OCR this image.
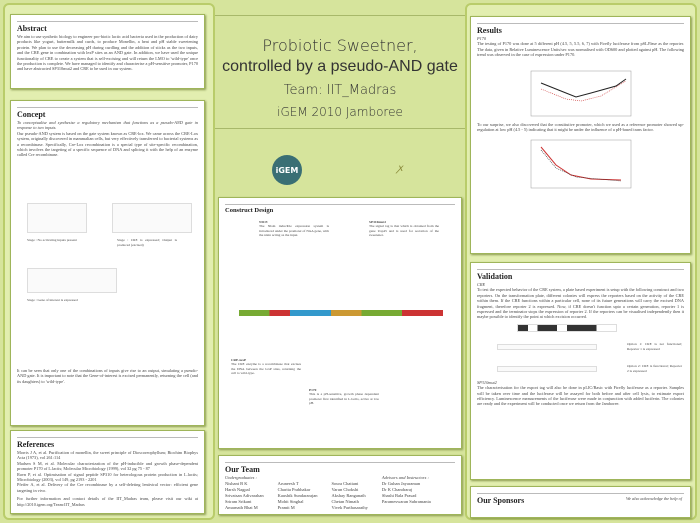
Probiotic Sweetner,
controlled by a pseudo-AND gate
Team: IIT_Madras
iGEM 2010 Jamboree
iGEM	ꭗ
Abstract

We aim to use synthetic biology to engineer pro-biotic lactic acid bacteria used in the production of dairy products like yogurt, buttermilk and curds, to produce Monellin, a heat and pH stable sweetening protein. We plan to use the decreasing pH during curdling and the addition of sticks as the two inputs, and the CRE gene in combination with lexP sites as an AND gate. In addition, we have used the unique functionality of CRE to create a system that is self-excising and will return the LMO to 'wild-type' once the production is complete. We have managed to identify and characterise a pH-sensitive promoter, P170 and have abstracted SP310mut2 and CRE to be used in our system.

Concept

To conceptualise and synthesise a regulatory mechanism that functions as a pseudo-AND gate in response to two inputs.

Our pseudo-AND system is based on the gate system known as CRE-lox. We came across the CRE-Lox system, originally discovered in mammalian cells, but very effectively transferred to bacterial systems as a recombinase. Specifically, Cre-Lox recombination is a special type of site-specific recombination, which involves the targeting of a specific sequence of DNA and splicing it with the help of an enzyme called Cre recombinase.

Stage : No activating inputs present	Stage : CRE is expressed; Output is produced (excised)

Stage : Gene of interest is expressed

It can be seen that only one of the combinations of inputs give rise to an output, simulating a pseudo-AND gate. It is important to note that the Gene-of-interest is excised permanently, returning the cell (and its daughters) to 'wild-type'.

References

Morris J A, et al. Purification of monellin, the sweet principle of Dioscoreophyllum; Biochim Biophys Acta (1973), vol 261:114

Madsen S M, et al. Molecular characterization of the pH-inducible and growth phase-dependent promoter P170 of L.lactis; Molecular Microbiology (1999), vol 32 pg 75 - 87

Ravn P, et al. Optimisation of signal peptide SP310 for heterologous protein production in L.lactis; Microbiology (2003), vol 149, pg 2193 - 2201

Pfeifer A, et al. Delivery of the Cre recombinase by a self-deleting lentiviral vector: efficient gene targeting in vivo.

For further information and contact details of the IIT_Madras team, please visit our wiki at http://2010.igem.org/Team:IIT_Madras

Construct Design

NICE
The Nisin inducible expression system is introduced under the promoter of NisA gene, with the nisin acting as the input.

SP310mut2
The signal tag is that which is obtained from the gene Usp45 and is used for secretion of the sweetener.

CRE-loxP
The CRE enzyme is a recombinase that excises the DNA between the loxP sites, returning the cell to wild-type.

P170
This is a pH-sensitive, growth phase dependent promoter first identified in L.lactis, active at low pH.

Our Team
Undergraduates :
Nishant B K
Harsh Nagpal
Srivatsan Adivarahan
Sriram Srikant
Amarnath Bhat M

Aruneesh T
Charita Prabhakar
Kaushik Sundararajan
Mohit Singhal
Pramit M

Soura Chattani
Varun Chokshi
Akshay Ranganath
Chetan Nimath
Vivek Parthasarathy
Advisors and Instructors :
Dr Guhan Jayaraman
Dr K Chandraraj
Shashi Bala Prasad
Parameswaran Subramania
Results

P170

The testing of P170 was done at 5 different pH (4.5, 5, 5.5, 6, 7) with Firefly luciferase from pSLJ9ase as the reporter. The data, given in Relative Luminescence Units/sec was normalised with OD600 and plotted against pH. The following trend was observed in the case of expression under P170.

To our surprise, we also discovered that the constitutive promoter, which we used as a reference promoter showed up-regulation at low pH (4.5 - 5) indicating that it might be under the influence of a pH-based trans factor.

Validation

CRE

To test the expected behavior of the CRE system, a plate based experiment is setup with the following construct and two reporters. On the transformation plate, different colonies will express the reporters based on the activity of the CRE within them. If the CRE functions within a particular cell, none of its future generations will carry the excised DNA fragment, therefore reporter 2 is expressed. Now, if CRE doesn't function upto a certain generation, reporter 1 is expressed and the terminator stops the expression of reporter 2. If the reporters can be visualised independently then it maybe possible to identify the point at which excision occurred.

Option 1: CRE is not functional; Reporter 1 is expressed

Option 2: CRE is functional; Reporter 2 is expressed

SP310mut2

The characterisation for the export tag will also be done in pLIC/Basic with Firefly luciferase as a reporter. Samples will be taken over time and the luciferase will be assayed for both before and after cell lysis, to estimate export efficiency. Luminescence measurements of the luciferase were made in conjunction with added luciferin. The colonies are ready and the experiment will be conducted once we return from the Jamboree.

Our Sponsors	We also acknowledge the help of
